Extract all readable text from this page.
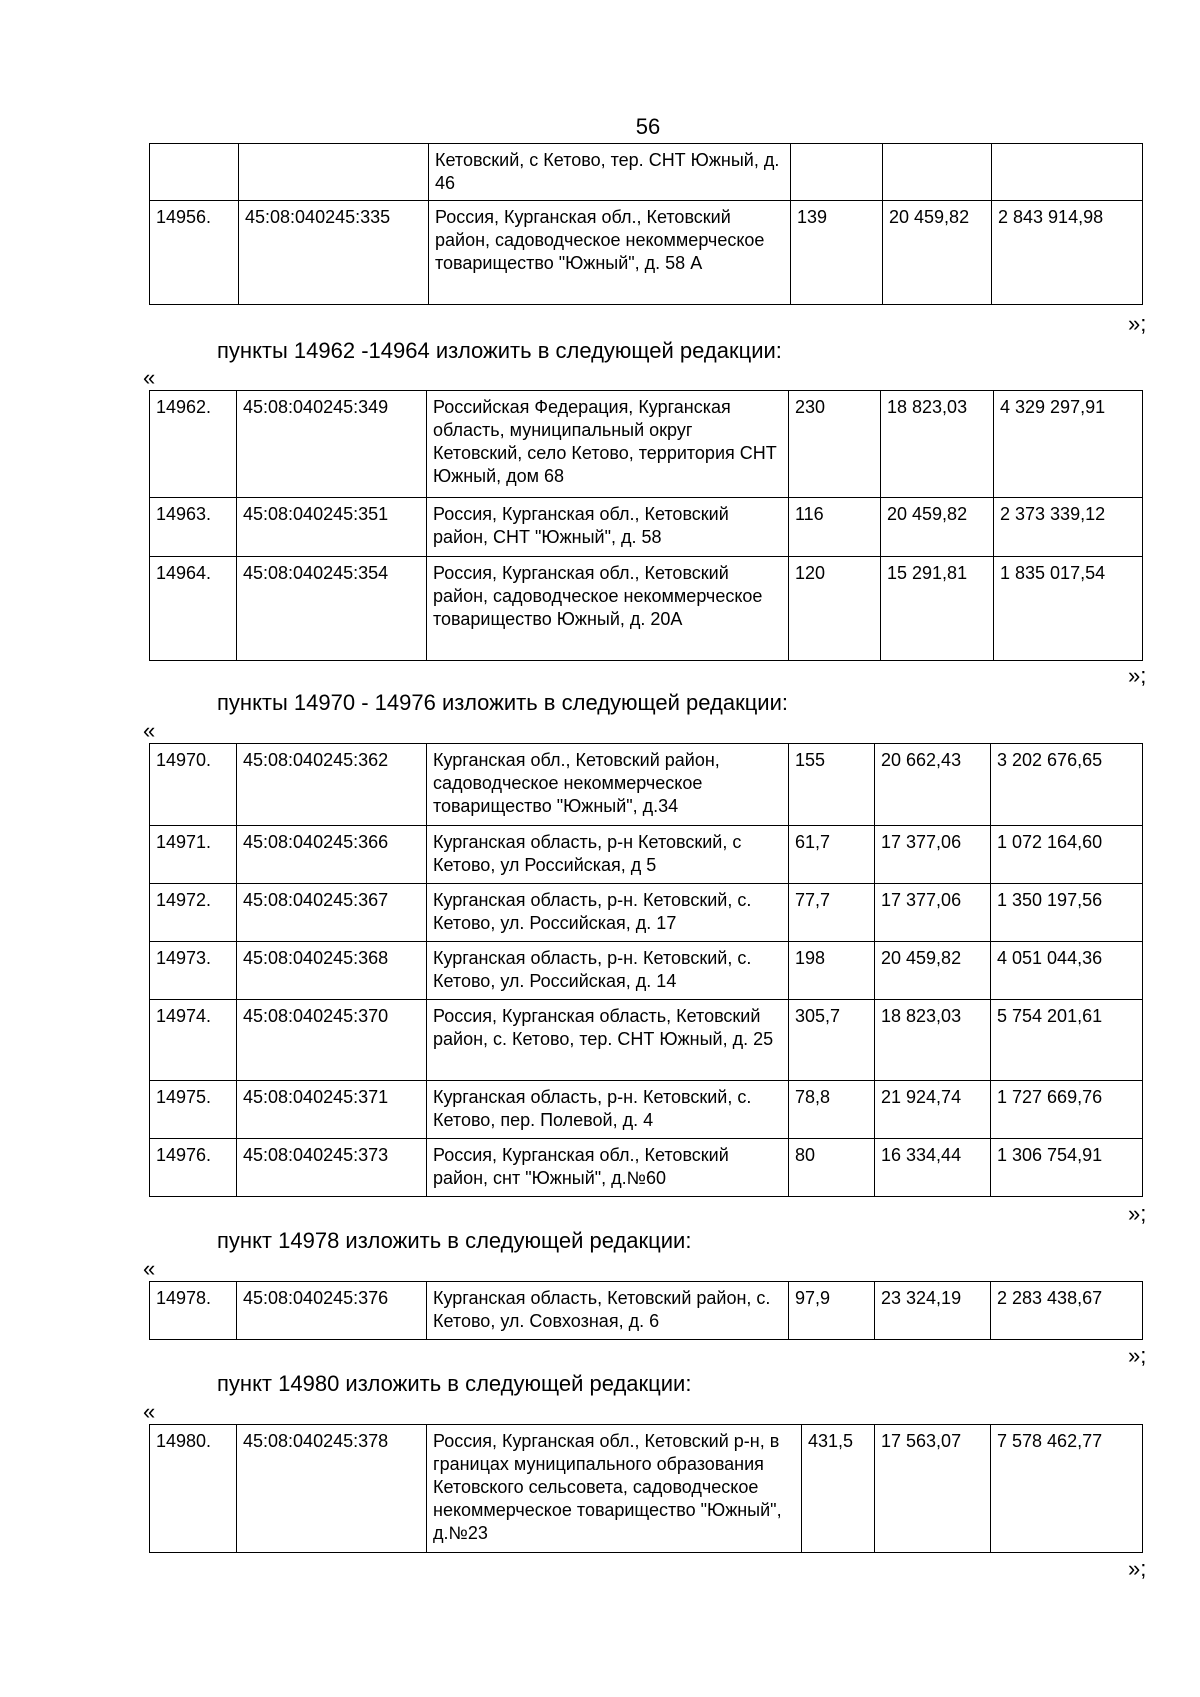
56
		Кетовский, с Кетово, тер. СНТ Южный, д. 46			
14956.	45:08:040245:335	Россия, Курганская обл., Кетовский район, садоводческое некоммерческое товарищество "Южный", д. 58 А	139	20 459,82	2 843 914,98
»;
пункты 14962 -14964 изложить в следующей редакции:
«
14962.	45:08:040245:349	Российская Федерация, Курганская область, муниципальный округ Кетовский, село Кетово, территория СНТ Южный, дом 68	230	18 823,03	4 329 297,91
14963.	45:08:040245:351	Россия, Курганская обл., Кетовский район, СНТ "Южный", д. 58	116	20 459,82	2 373 339,12
14964.	45:08:040245:354	Россия, Курганская обл., Кетовский район, садоводческое некоммерческое товарищество Южный, д. 20А	120	15 291,81	1 835 017,54
»;
пункты 14970 - 14976 изложить в следующей редакции:
«
14970.	45:08:040245:362	Курганская обл., Кетовский район, садоводческое некоммерческое товарищество "Южный", д.34	155	20 662,43	3 202 676,65
14971.	45:08:040245:366	Курганская область, р-н Кетовский, с Кетово, ул Российская, д 5	61,7	17 377,06	1 072 164,60
14972.	45:08:040245:367	Курганская область, р-н. Кетовский, с. Кетово, ул. Российская, д. 17	77,7	17 377,06	1 350 197,56
14973.	45:08:040245:368	Курганская область, р-н. Кетовский, с. Кетово, ул. Российская, д. 14	198	20 459,82	4 051 044,36
14974.	45:08:040245:370	Россия, Курганская область, Кетовский район, с. Кетово, тер. СНТ Южный, д. 25	305,7	18 823,03	5 754 201,61
14975.	45:08:040245:371	Курганская область, р-н. Кетовский, с. Кетово, пер. Полевой, д. 4	78,8	21 924,74	1 727 669,76
14976.	45:08:040245:373	Россия, Курганская обл., Кетовский район, снт "Южный", д.№60	80	16 334,44	1 306 754,91
»;
пункт 14978 изложить в следующей редакции:
«
14978.	45:08:040245:376	Курганская область, Кетовский район, с. Кетово, ул. Совхозная, д. 6	97,9	23 324,19	2 283 438,67
»;
пункт 14980 изложить в следующей редакции:
«
14980.	45:08:040245:378	Россия, Курганская обл., Кетовский р-н, в границах муниципального образования Кетовского сельсовета, садоводческое некоммерческое товарищество "Южный", д.№23	431,5	17 563,07	7 578 462,77
»;
